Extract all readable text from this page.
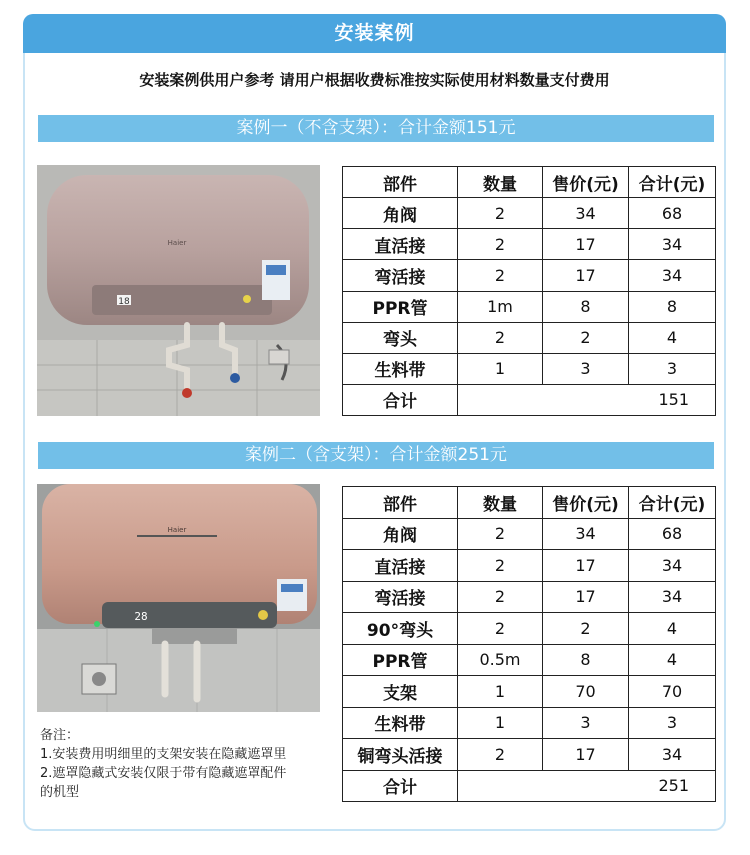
安装案例
安装案例供用户参考 请用户根据收费标准按实际使用材料数量支付费用
案例一（不含支架）：合计金额151元
Haier
18
部件	数量	售价(元)	合计(元)
角阀	2	34	68
直活接	2	17	34
弯活接	2	17	34
PPR管	1m	8	8
弯头	2	2	4
生料带	1	3	3
合计	151		
案例二（含支架）：合计金额251元
Haier
28
部件	数量	售价(元)	合计(元)
角阀	2	34	68
直活接	2	17	34
弯活接	2	17	34
90°弯头	2	2	4
PPR管	0.5m	8	4
支架	1	70	70
生料带	1	3	3
铜弯头活接	2	17	34
合计	251		
备注：
1.安装费用明细里的支架安装在隐藏遮罩里
2.遮罩隐藏式安装仅限于带有隐藏遮罩配件
的机型
